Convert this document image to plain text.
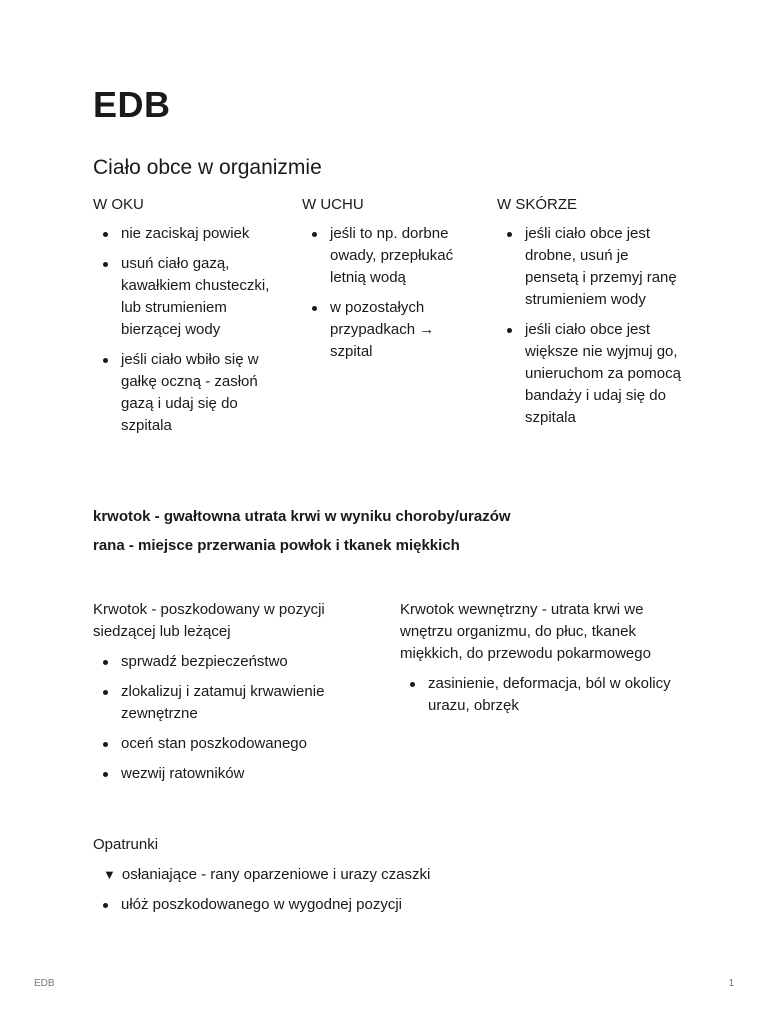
EDB
Ciało obce w organizmie
W OKU
nie zaciskaj powiek
usuń ciało gazą, kawałkiem chusteczki, lub strumieniem bierzącej wody
jeśli ciało wbiło się w gałkę oczną - zasłoń gazą i udaj się do szpitala
W UCHU
jeśli to np. dorbne owady, przepłukać letnią wodą
w pozostałych przypadkach → szpital
W SKÓRZE
jeśli ciało obce jest drobne, usuń je pensetą i przemyj ranę strumieniem wody
jeśli ciało obce jest większe nie wyjmuj go, unieruchom za pomocą bandaży i udaj się do szpitala
krwotok - gwałtowna utrata krwi w wyniku choroby/urazów
rana - miejsce przerwania powłok i tkanek miękkich
Krwotok - poszkodowany w pozycji siedzącej lub leżącej
sprwadź bezpieczeństwo
zlokalizuj i zatamuj krwawienie zewnętrzne
oceń stan poszkodowanego
wezwij ratowników
Krwotok wewnętrzny - utrata krwi we wnętrzu organizmu, do płuc, tkanek miękkich, do przewodu pokarmowego
zasinienie, deformacja, ból w okolicy urazu, obrzęk
Opatrunki
▼ osłaniające - rany oparzeniowe i urazy czaszki
ułóż poszkodowanego w wygodnej pozycji
EDB	1
